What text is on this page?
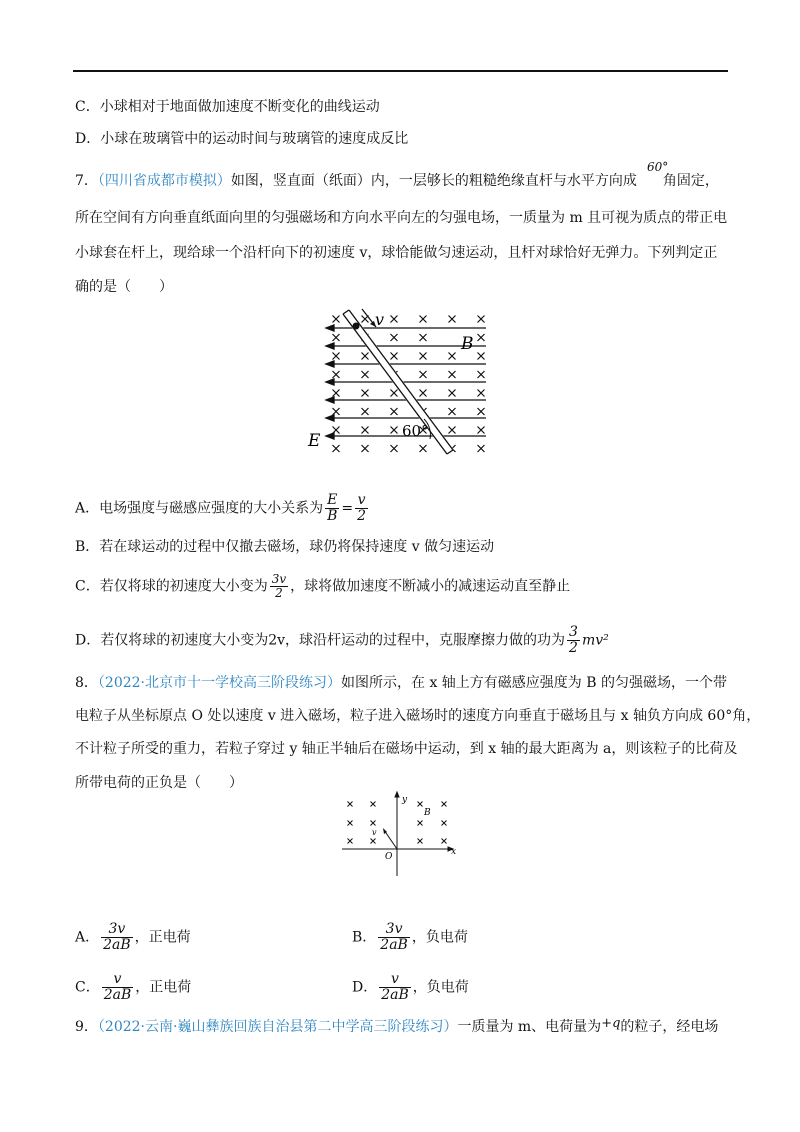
C．小球相对于地面做加速度不断变化的曲线运动
D．小球在玻璃管中的运动时间与玻璃管的速度成反比
7．（四川省成都市模拟）如图，竖直面（纸面）内，一层够长的粗糙绝缘直杆与水平方向成 角固定，
60°
所在空间有方向垂直纸面向里的匀强磁场和方向水平向左的匀强电场，一质量为 m 且可视为质点的带正电
小球套在杆上，现给球一个沿杆向下的初速度 v，球恰能做匀速运动，且杆对球恰好无弹力。下列判定正
确的是（　　）
v
B
E	60°
A．电场强度与磁感应强度的大小关系为 $\frac{E}{B} = \frac{v}{2}$
B．若在球运动的过程中仅撤去磁场，球仍将保持速度 v 做匀速运动
C．若仅将球的初速度大小变为 $\frac{3v}{2}$ ，球将做加速度不断减小的减速运动直至静止
D．若仅将球的初速度大小变为2v，球沿杆运动的过程中，克服摩擦力做的功为 $\frac{3}{2} mv^2$
8．（2022·北京市十一学校高三阶段练习）如图所示，在 x 轴上方有磁感应强度为 B 的匀强磁场，一个带
电粒子从坐标原点 O 处以速度 v 进入磁场，粒子进入磁场时的速度方向垂直于磁场且与 x 轴负方向成 60°角，
不计粒子所受的重力，若粒子穿过 y 轴正半轴后在磁场中运动，到 x 轴的最大距离为 a，则该粒子的比荷及
所带电荷的正负是（　　）
y
x
O
B
v
A． $\frac{3v}{2aB}$ ，正电荷	B． $\frac{3v}{2aB}$ ，负电荷
C． $\frac{v}{2aB}$ ，正电荷	D． $\frac{v}{2aB}$ ，负电荷
9．（2022·云南·巍山彝族回族自治县第二中学高三阶段练习）一质量为 m、电荷量为+q的粒子，经电场
